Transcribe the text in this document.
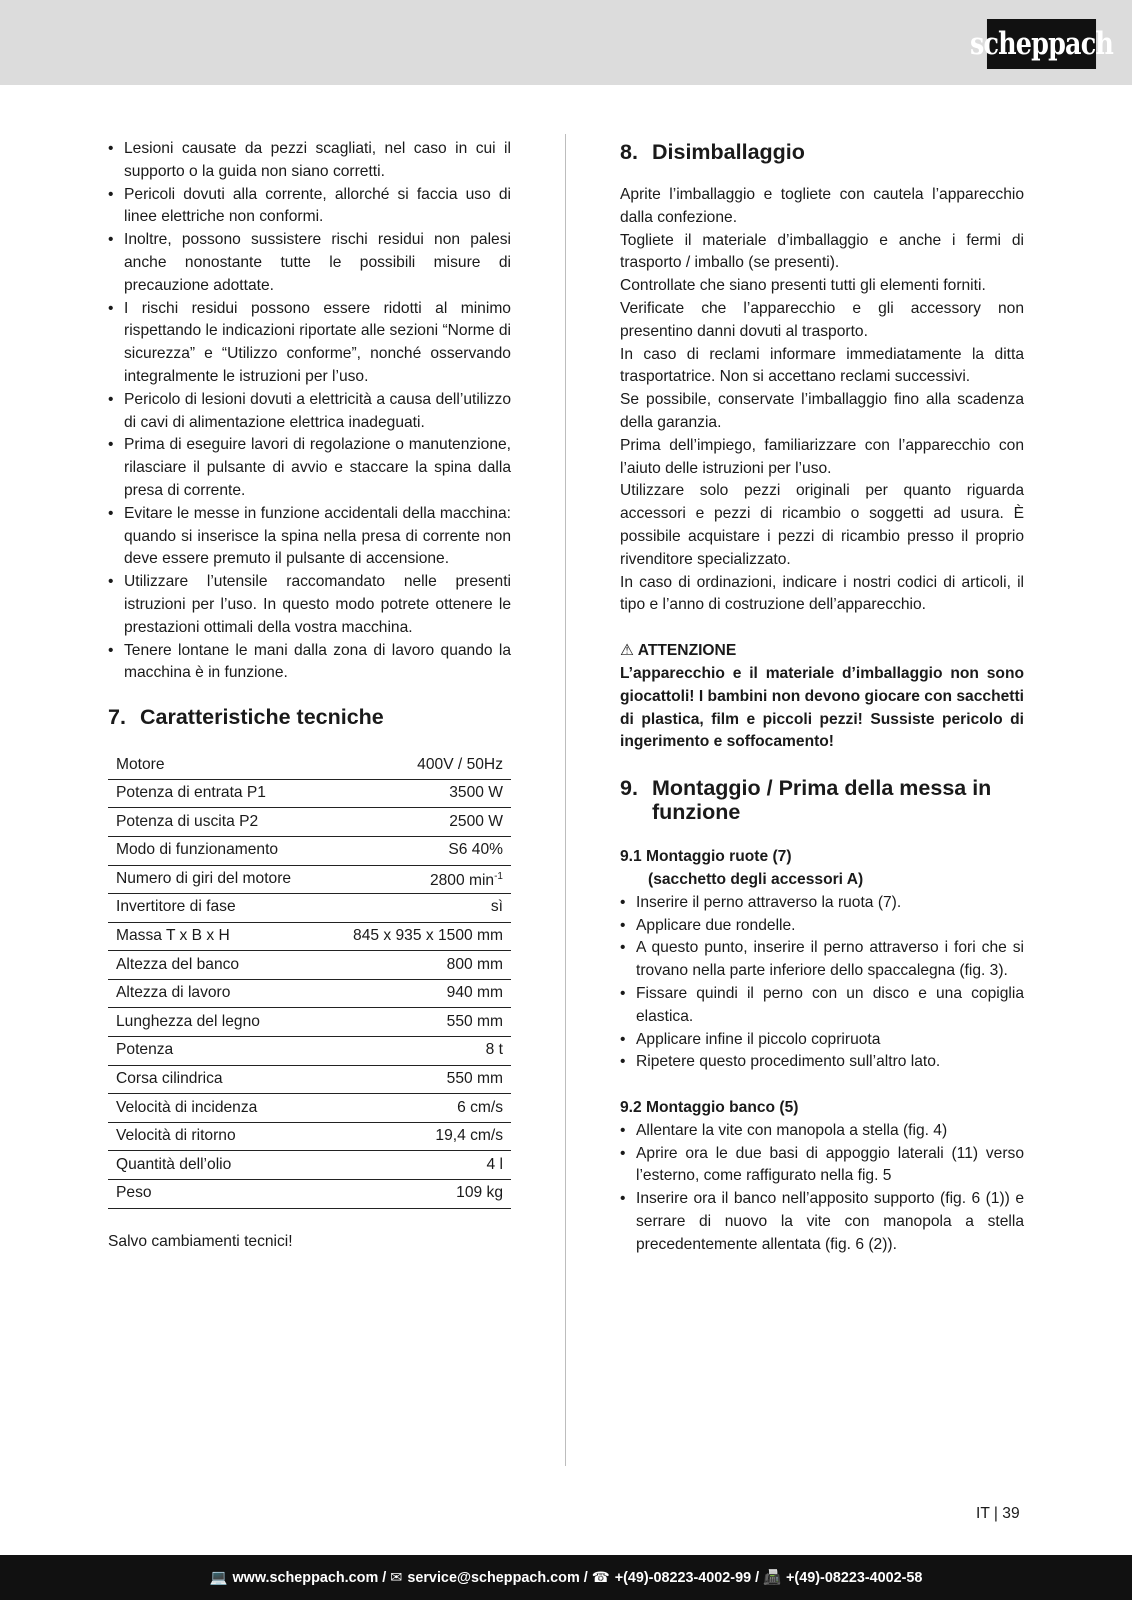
scheppach
• Lesioni causate da pezzi scagliati, nel caso in cui il supporto o la guida non siano corretti.
• Pericoli dovuti alla corrente, allorché si faccia uso di linee elettriche non conformi.
• Inoltre, possono sussistere rischi residui non palesi anche nonostante tutte le possibili misure di precauzione adottate.
• I rischi residui possono essere ridotti al minimo rispettando le indicazioni riportate alle sezioni “Norme di sicurezza” e “Utilizzo conforme”, nonché osservando integralmente le istruzioni per l’uso.
• Pericolo di lesioni dovuti a elettricità a causa dell’utilizzo di cavi di alimentazione elettrica inadeguati.
• Prima di eseguire lavori di regolazione o manutenzione, rilasciare il pulsante di avvio e staccare la spina dalla presa di corrente.
• Evitare le messe in funzione accidentali della macchina: quando si inserisce la spina nella presa di corrente non deve essere premuto il pulsante di accensione.
• Utilizzare l’utensile raccomandato nelle presenti istruzioni per l’uso. In questo modo potrete ottenere le prestazioni ottimali della vostra macchina.
• Tenere lontane le mani dalla zona di lavoro quando la macchina è in funzione.
7. Caratteristiche tecniche
Motore	400V / 50Hz
Potenza di entrata P1	3500 W
Potenza di uscita P2	2500 W
Modo di funzionamento	S6 40%
Numero di giri del motore	2800 $\min^{-1}$
Invertitore di fase	sì
Massa T x B x H	845 x 935 x 1500 mm
Altezza del banco	800 mm
Altezza di lavoro	940 mm
Lunghezza del legno	550 mm
Potenza	8 t
Corsa cilindrica	550 mm
Velocità di incidenza	6 cm/s
Velocità di ritorno	19,4 cm/s
Quantità dell’olio	4 l
Peso	109 kg

Salvo cambiamenti tecnici!

8. Disimballaggio

Aprite l’imballaggio e togliete con cautela l’apparecchio dalla confezione.

Togliete il materiale d’imballaggio e anche i fermi di trasporto / imballo (se presenti).

Controllate che siano presenti tutti gli elementi forniti.

Verificate che l’apparecchio e gli accessory non presentino danni dovuti al trasporto.

In caso di reclami informare immediatamente la ditta trasportatrice. Non si accettano reclami successivi.

Se possibile, conservate l’imballaggio fino alla scadenza della garanzia.

Prima dell’impiego, familiarizzare con l’apparecchio con l’aiuto delle istruzioni per l’uso.

Utilizzare solo pezzi originali per quanto riguarda accessori e pezzi di ricambio o soggetti ad usura. È possibile acquistare i pezzi di ricambio presso il proprio rivenditore specializzato.

In caso di ordinazioni, indicare i nostri codici di articoli, il tipo e l’anno di costruzione dell’apparecchio.

⚠ ATTENZIONE

L’apparecchio e il materiale d’imballaggio non sono giocattoli! I bambini non devono giocare con sacchetti di plastica, film e piccoli pezzi! Sussiste pericolo di ingerimento e soffocamento!

9. Montaggio / Prima della messa in funzione
9.1 Montaggio ruote (7)
(sacchetto degli accessori A)
• Inserire il perno attraverso la ruota (7).
• Applicare due rondelle.
• A questo punto, inserire il perno attraverso i fori che si trovano nella parte inferiore dello spaccalegna (fig. 3).
• Fissare quindi il perno con un disco e una copiglia elastica.
• Applicare infine il piccolo copriruota
• Ripetere questo procedimento sull’altro lato.
9.2 Montaggio banco (5)
• Allentare la vite con manopola a stella (fig. 4)
• Aprire ora le due basi di appoggio laterali (11) verso l’esterno, come raffigurato nella fig. 5
• Inserire ora il banco nell’apposito supporto (fig. 6 (1)) e serrare di nuovo la vite con manopola a stella precedentemente allentata (fig. 6 (2)).
IT | 39
💻 www.scheppach.com / ✉ service@scheppach.com / ☎ +(49)-08223-4002-99 / 📠 +(49)-08223-4002-58
